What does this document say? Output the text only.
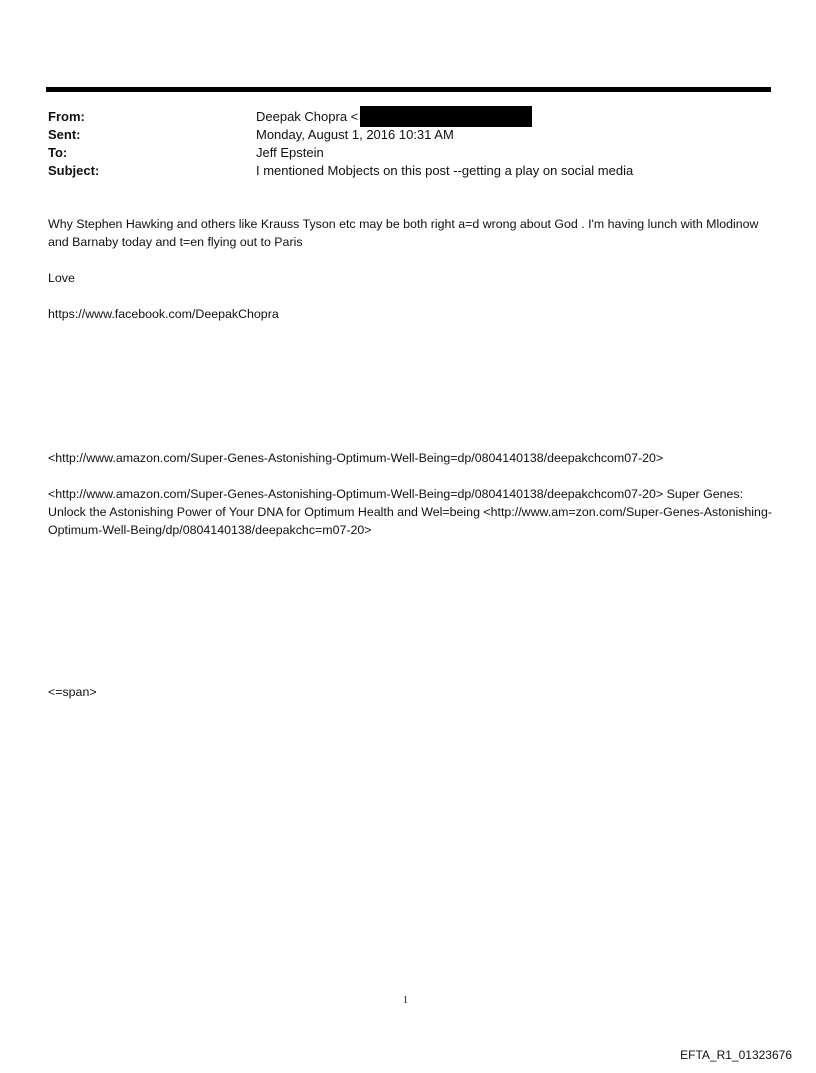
From:	Deepak Chopra <
Sent:	Monday, August 1, 2016 10:31 AM
To:	Jeff Epstein
Subject:	I mentioned Mobjects on this post --getting a play on social media
Why Stephen Hawking and others like Krauss Tyson etc may be both right a=d wrong about God . I'm having lunch with Mlodinow and Barnaby today and t=en flying out to Paris
Love
https://www.facebook.com/DeepakChopra
<http://www.amazon.com/Super-Genes-Astonishing-Optimum-Well-Being=dp/0804140138/deepakchcom07-20>
<http://www.amazon.com/Super-Genes-Astonishing-Optimum-Well-Being=dp/0804140138/deepakchcom07-20> Super Genes: Unlock the Astonishing Power of Your DNA for Optimum Health and Wel=being <http://www.am=zon.com/Super-Genes-Astonishing-Optimum-Well-Being/dp/0804140138/deepakchc=m07-20>
<=span>
1
EFTA_R1_01323676
